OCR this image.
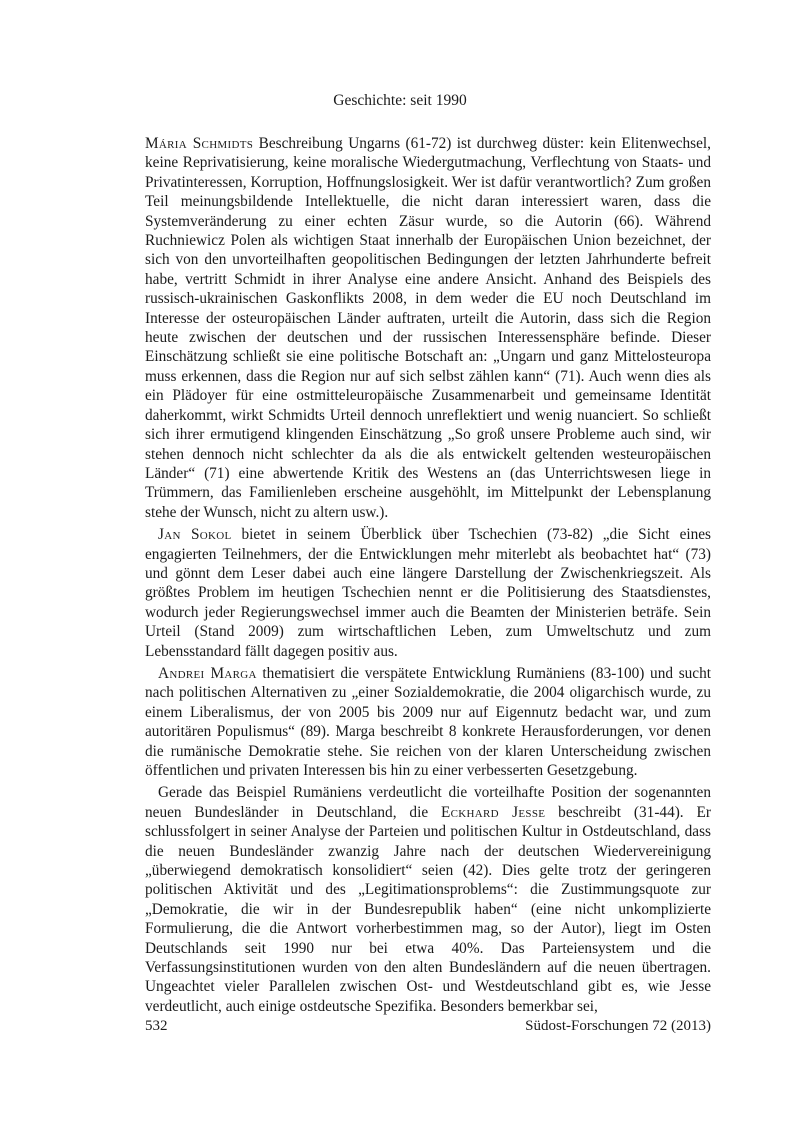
Geschichte: seit 1990

Mária Schmidts Beschreibung Ungarns (61-72) ist durchweg düster: kein Elitenwechsel, keine Reprivatisierung, keine moralische Wiedergutmachung, Verflechtung von Staats- und Privatinteressen, Korruption, Hoffnungslosigkeit. Wer ist dafür verantwortlich? Zum großen Teil meinungsbildende Intellektuelle, die nicht daran interessiert waren, dass die Systemveränderung zu einer echten Zäsur wurde, so die Autorin (66). Während Ruchniewicz Polen als wichtigen Staat innerhalb der Europäischen Union bezeichnet, der sich von den unvorteilhaften geopolitischen Bedingungen der letzten Jahrhunderte befreit habe, vertritt Schmidt in ihrer Analyse eine andere Ansicht. Anhand des Beispiels des russisch-ukrainischen Gaskonflikts 2008, in dem weder die EU noch Deutschland im Interesse der osteuropäischen Länder auftraten, urteilt die Autorin, dass sich die Region heute zwischen der deutschen und der russischen Interessensphäre befinde. Dieser Einschätzung schließt sie eine politische Botschaft an: „Ungarn und ganz Mittelosteuropa muss erkennen, dass die Region nur auf sich selbst zählen kann“ (71). Auch wenn dies als ein Plädoyer für eine ostmitteleuropäische Zusammenarbeit und gemeinsame Identität daherkommt, wirkt Schmidts Urteil dennoch unreflektiert und wenig nuanciert. So schließt sich ihrer ermutigend klingenden Einschätzung „So groß unsere Probleme auch sind, wir stehen dennoch nicht schlechter da als die als entwickelt geltenden westeuropäischen Länder“ (71) eine abwertende Kritik des Westens an (das Unterrichtswesen liege in Trümmern, das Familienleben erscheine ausgehöhlt, im Mittelpunkt der Lebensplanung stehe der Wunsch, nicht zu altern usw.).

Jan Sokol bietet in seinem Überblick über Tschechien (73-82) „die Sicht eines engagierten Teilnehmers, der die Entwicklungen mehr miterlebt als beobachtet hat“ (73) und gönnt dem Leser dabei auch eine längere Darstellung der Zwischenkriegszeit. Als größtes Problem im heutigen Tschechien nennt er die Politisierung des Staatsdienstes, wodurch jeder Regierungswechsel immer auch die Beamten der Ministerien beträfe. Sein Urteil (Stand 2009) zum wirtschaftlichen Leben, zum Umweltschutz und zum Lebensstandard fällt dagegen positiv aus.

Andrei Marga thematisiert die verspätete Entwicklung Rumäniens (83-100) und sucht nach politischen Alternativen zu „einer Sozialdemokratie, die 2004 oligarchisch wurde, zu einem Liberalismus, der von 2005 bis 2009 nur auf Eigennutz bedacht war, und zum autoritären Populismus“ (89). Marga beschreibt 8 konkrete Herausforderungen, vor denen die rumänische Demokratie stehe. Sie reichen von der klaren Unterscheidung zwischen öffentlichen und privaten Interessen bis hin zu einer verbesserten Gesetzgebung.

Gerade das Beispiel Rumäniens verdeutlicht die vorteilhafte Position der sogenannten neuen Bundesländer in Deutschland, die Eckhard Jesse beschreibt (31-44). Er schlussfolgert in seiner Analyse der Parteien und politischen Kultur in Ostdeutschland, dass die neuen Bundesländer zwanzig Jahre nach der deutschen Wiedervereinigung „überwiegend demokratisch konsolidiert“ seien (42). Dies gelte trotz der geringeren politischen Aktivität und des „Legitimationsproblems“: die Zustimmungsquote zur „Demokratie, die wir in der Bundesrepublik haben“ (eine nicht unkomplizierte Formulierung, die die Antwort vorherbestimmen mag, so der Autor), liegt im Osten Deutschlands seit 1990 nur bei etwa 40%. Das Parteiensystem und die Verfassungsinstitutionen wurden von den alten Bundesländern auf die neuen übertragen. Ungeachtet vieler Parallelen zwischen Ost- und Westdeutschland gibt es, wie Jesse verdeutlicht, auch einige ostdeutsche Spezifika. Besonders bemerkbar sei,

532	Südost-Forschungen 72 (2013)
